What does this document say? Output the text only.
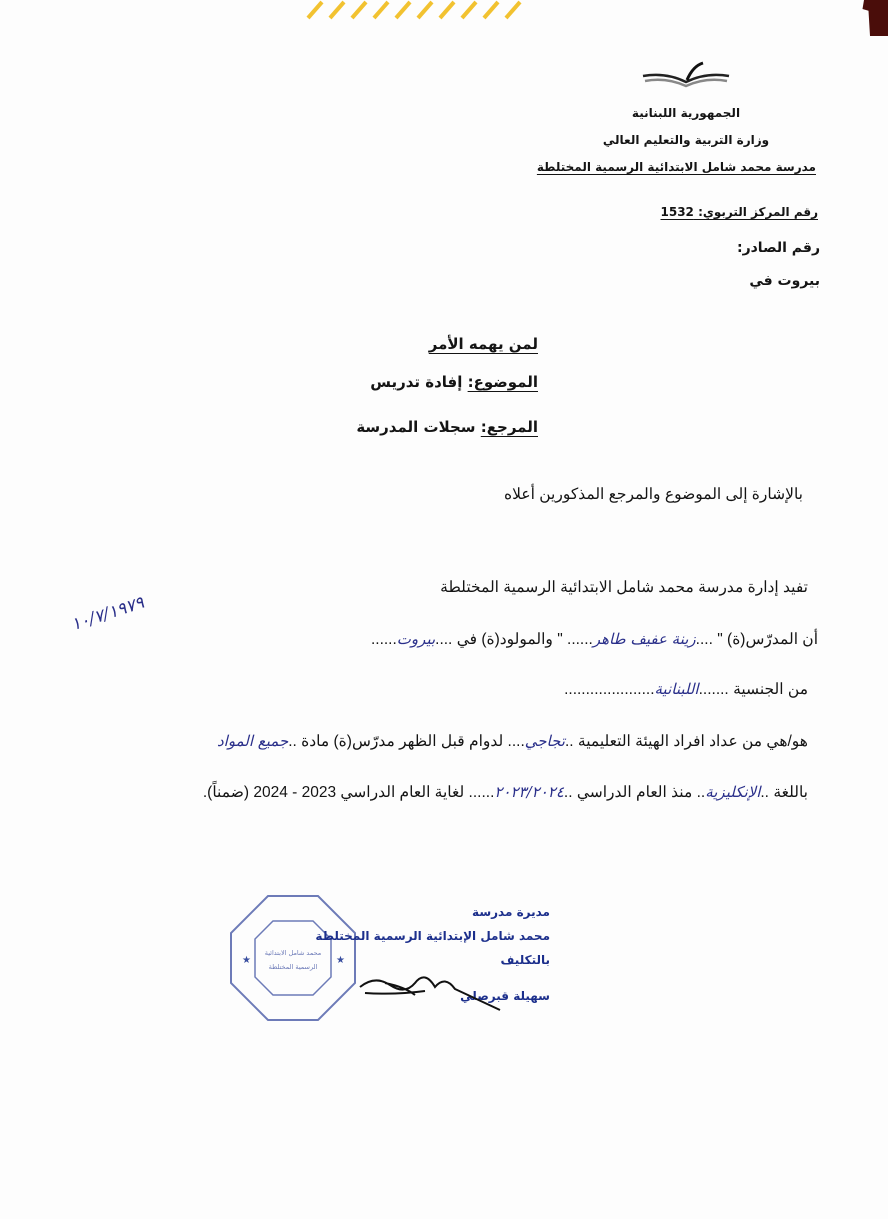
الجمهورية اللبنانية
وزارة التربية والتعليم العالي
مدرسة محمد شامل الابتدائية الرسمية المختلطة
رقم المركز التربوي: 1532
رقم الصادر:
بيروت في
لمن يهمه الأمر
الموضوع: إفادة تدريس
المرجع: سجلات المدرسة
بالإشارة إلى الموضوع والمرجع المذكورين أعلاه
تفيد إدارة مدرسة محمد شامل الابتدائية الرسمية المختلطة
أن المدرّس(ة) " ....زينة عفيف طاهر...... " والمولود(ة) في ....بيروت......
١٠/٧/١٩٧٩
من الجنسية .......اللبنانية.....................
هو/هي من عداد افراد الهيئة التعليمية ..تجاجي.... لدوام قبل الظهر مدرّس(ة) مادة ..جميع المواد
باللغة ..الإنكليزية.. منذ العام الدراسي ..٢٠٢٣/٢٠٢٤...... لغاية العام الدراسي 2023 - 2024 (ضمناً).
محمد شامل الابتدائية
الرسمية المختلطة
★	★
مديرة مدرسة
محمد شامل الإبتدائية الرسمية المختلطة
بالتكليف
سهيلة قبرصلي
